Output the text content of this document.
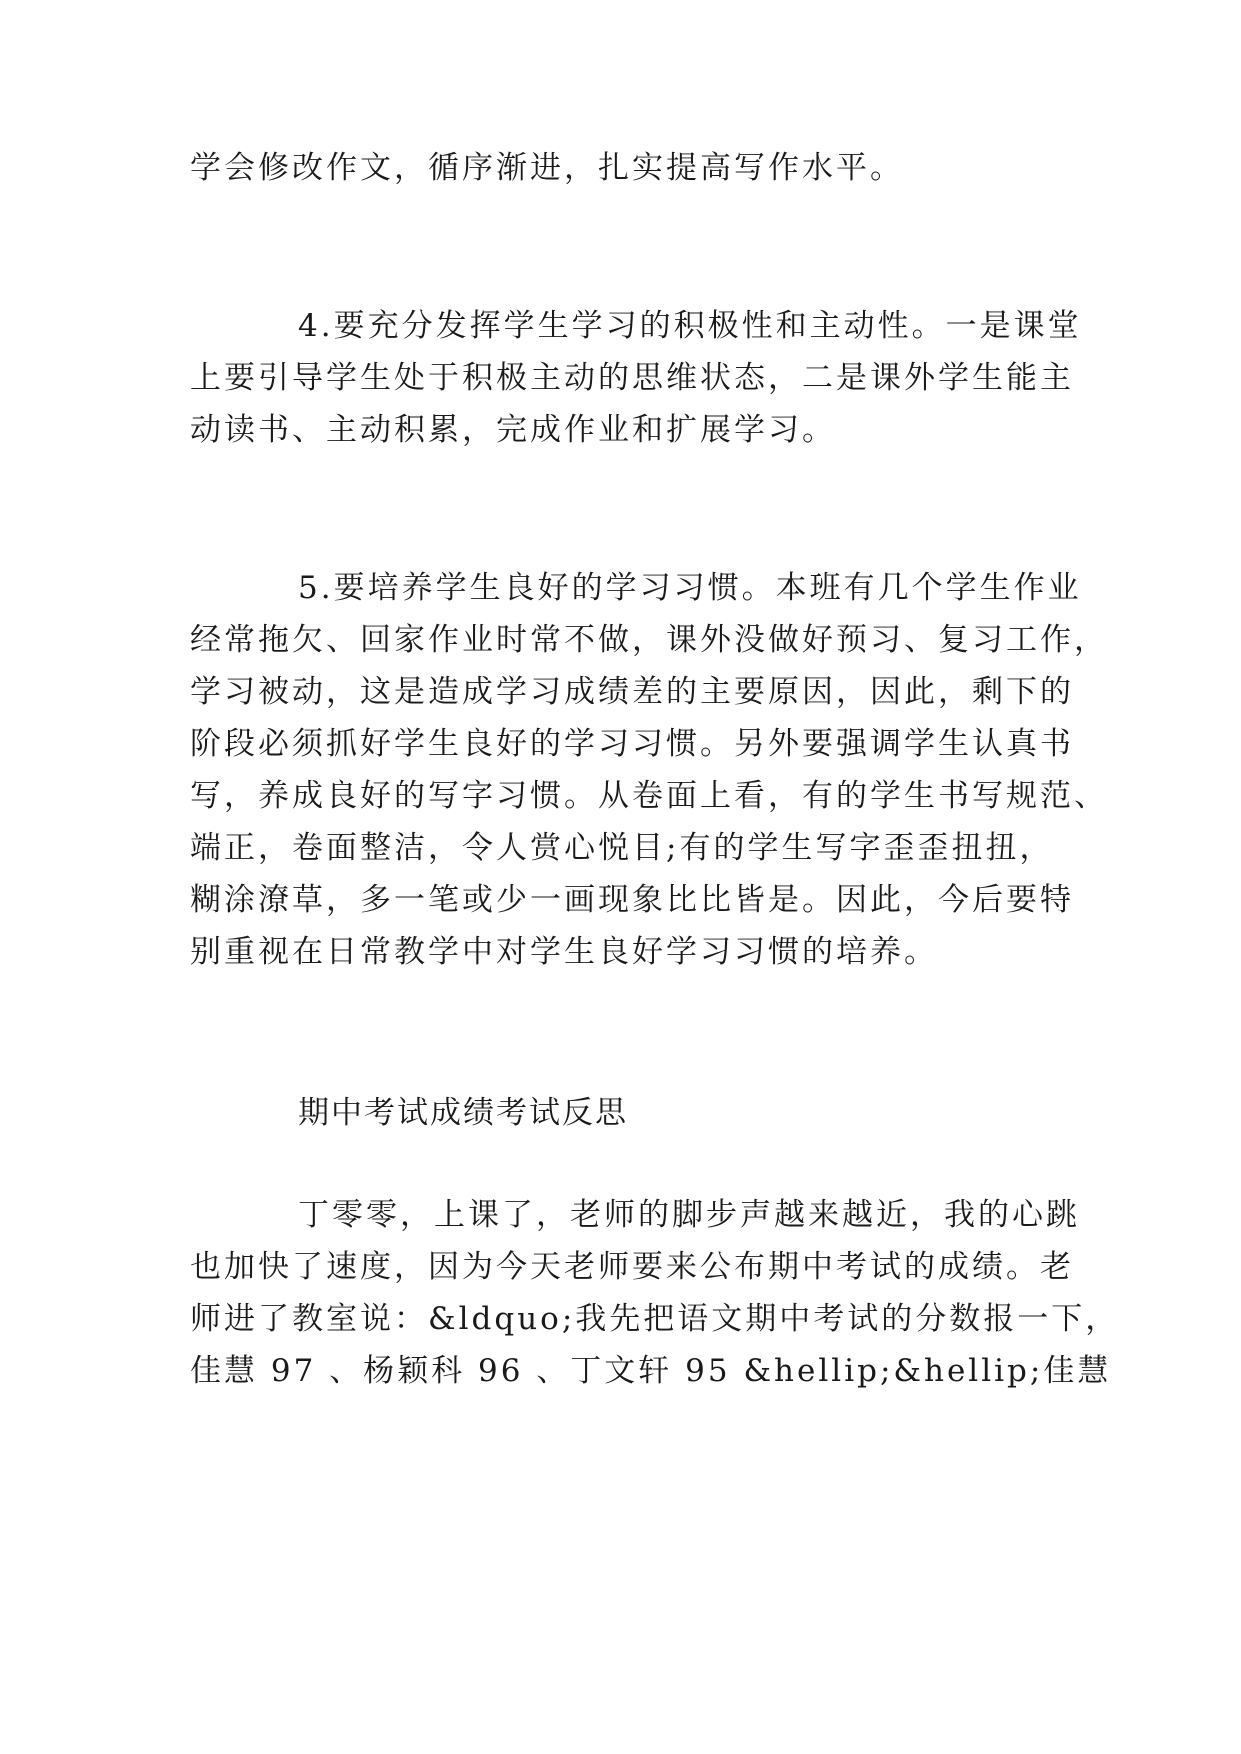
学会修改作文，循序渐进，扎实提高写作水平。
4.要充分发挥学生学习的积极性和主动性。一是课堂
上要引导学生处于积极主动的思维状态，二是课外学生能主
动读书、主动积累，完成作业和扩展学习。
5.要培养学生良好的学习习惯。本班有几个学生作业
经常拖欠、回家作业时常不做，课外没做好预习、复习工作，
学习被动，这是造成学习成绩差的主要原因，因此，剩下的
阶段必须抓好学生良好的学习习惯。另外要强调学生认真书
写，养成良好的写字习惯。从卷面上看，有的学生书写规范、
端正，卷面整洁，令人赏心悦目;有的学生写字歪歪扭扭，
糊涂潦草，多一笔或少一画现象比比皆是。因此，今后要特
别重视在日常教学中对学生良好学习习惯的培养。
期中考试成绩考试反思
丁零零，上课了，老师的脚步声越来越近，我的心跳
也加快了速度，因为今天老师要来公布期中考试的成绩。老
师进了教室说：&ldquo;我先把语文期中考试的分数报一下，
佳慧 97 、杨颖科 96 、丁文轩 95 &hellip;&hellip;佳慧
